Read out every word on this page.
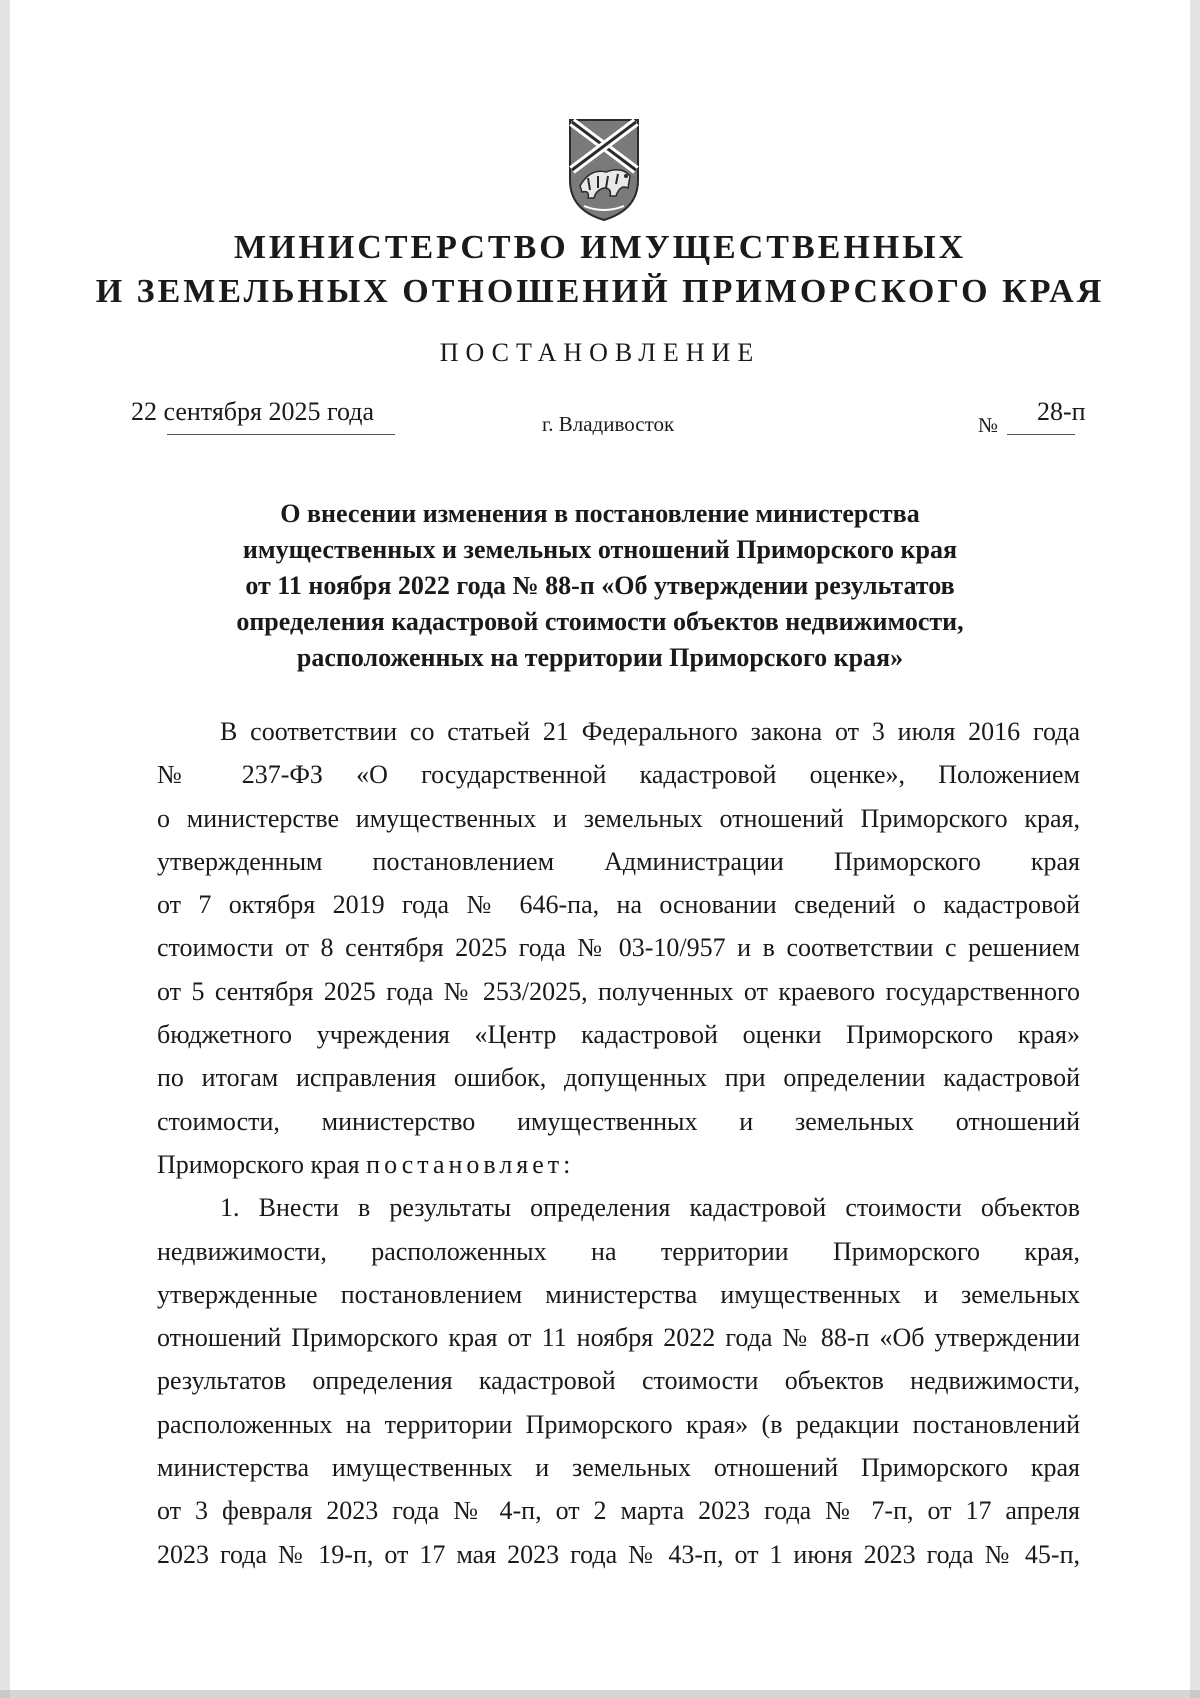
МИНИСТЕРСТВО ИМУЩЕСТВЕННЫХ
И ЗЕМЕЛЬНЫХ ОТНОШЕНИЙ ПРИМОРСКОГО КРАЯ
ПОСТАНОВЛЕНИЕ
22 сентября 2025 года	г. Владивосток	№ 28-п
О внесении изменения в постановление министерства
имущественных и земельных отношений Приморского края
от 11 ноября 2022 года № 88-п «Об утверждении результатов
определения кадастровой стоимости объектов недвижимости,
расположенных на территории Приморского края»
В соответствии со статьей 21 Федерального закона от 3 июля 2016 года
№ 237-ФЗ «О государственной кадастровой оценке», Положением
о министерстве имущественных и земельных отношений Приморского края,
утвержденным постановлением Администрации Приморского края
от 7 октября 2019 года № 646-па, на основании сведений о кадастровой
стоимости от 8 сентября 2025 года № 03-10/957 и в соответствии с решением
от 5 сентября 2025 года № 253/2025, полученных от краевого государственного
бюджетного учреждения «Центр кадастровой оценки Приморского края»
по итогам исправления ошибок, допущенных при определении кадастровой
стоимости, министерство имущественных и земельных отношений
Приморского края постановляет:
1. Внести в результаты определения кадастровой стоимости объектов
недвижимости, расположенных на территории Приморского края,
утвержденные постановлением министерства имущественных и земельных
отношений Приморского края от 11 ноября 2022 года № 88-п «Об утверждении
результатов определения кадастровой стоимости объектов недвижимости,
расположенных на территории Приморского края» (в редакции постановлений
министерства имущественных и земельных отношений Приморского края
от 3 февраля 2023 года № 4-п, от 2 марта 2023 года № 7-п, от 17 апреля
2023 года № 19-п, от 17 мая 2023 года № 43-п, от 1 июня 2023 года № 45-п,
